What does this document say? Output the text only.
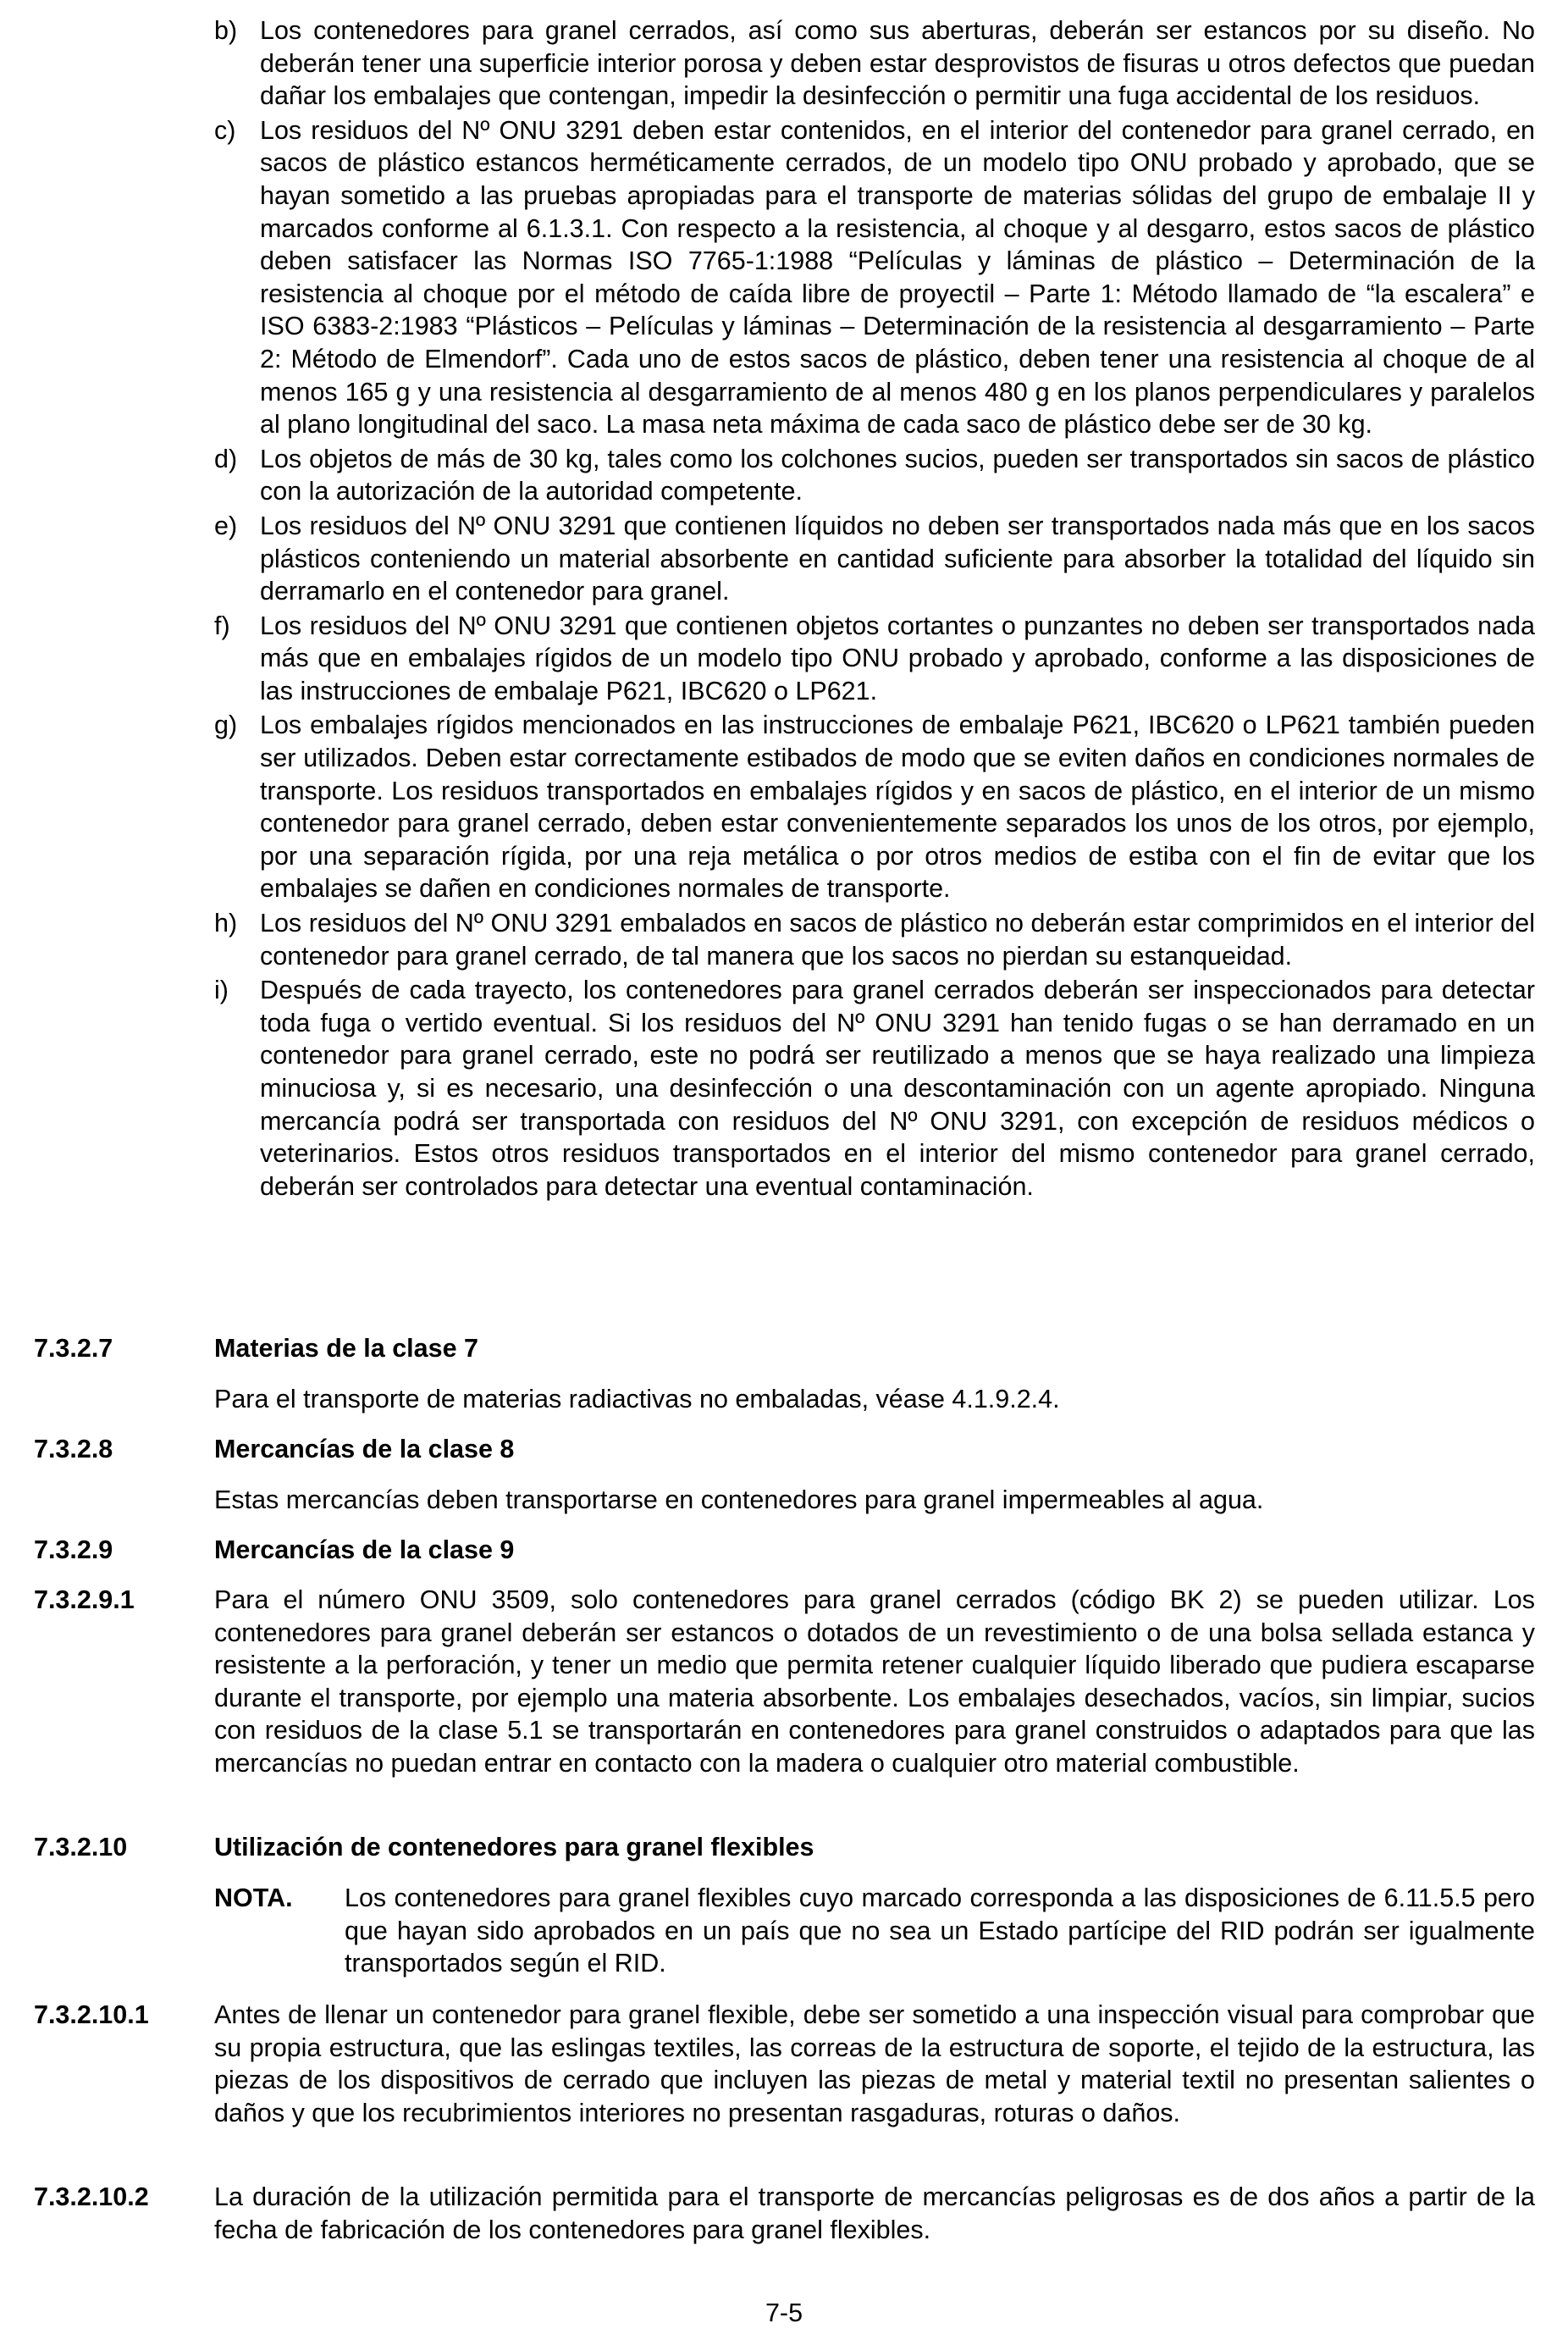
b) Los contenedores para granel cerrados, así como sus aberturas, deberán ser estancos por su diseño. No deberán tener una superficie interior porosa y deben estar desprovistos de fisuras u otros defectos que puedan dañar los embalajes que contengan, impedir la desinfección o permitir una fuga accidental de los residuos.
c) Los residuos del Nº ONU 3291 deben estar contenidos, en el interior del contenedor para granel cerrado, en sacos de plástico estancos herméticamente cerrados, de un modelo tipo ONU probado y aprobado, que se hayan sometido a las pruebas apropiadas para el transporte de materias sólidas del grupo de embalaje II y marcados conforme al 6.1.3.1. Con respecto a la resistencia, al choque y al desgarro, estos sacos de plástico deben satisfacer las Normas ISO 7765-1:1988 “Películas y láminas de plástico – Determinación de la resistencia al choque por el método de caída libre de proyectil – Parte 1: Método llamado de “la escalera” e ISO 6383-2:1983 “Plásticos – Películas y láminas – Determinación de la resistencia al desgarramiento – Parte 2: Método de Elmendorf”. Cada uno de estos sacos de plástico, deben tener una resistencia al choque de al menos 165 g y una resistencia al desgarramiento de al menos 480 g en los planos perpendiculares y paralelos al plano longitudinal del saco. La masa neta máxima de cada saco de plástico debe ser de 30 kg.
d) Los objetos de más de 30 kg, tales como los colchones sucios, pueden ser transportados sin sacos de plástico con la autorización de la autoridad competente.
e) Los residuos del Nº ONU 3291 que contienen líquidos no deben ser transportados nada más que en los sacos plásticos conteniendo un material absorbente en cantidad suficiente para absorber la totalidad del líquido sin derramarlo en el contenedor para granel.
f) Los residuos del Nº ONU 3291 que contienen objetos cortantes o punzantes no deben ser transportados nada más que en embalajes rígidos de un modelo tipo ONU probado y aprobado, conforme a las disposiciones de las instrucciones de embalaje P621, IBC620 o LP621.
g) Los embalajes rígidos mencionados en las instrucciones de embalaje P621, IBC620 o LP621 también pueden ser utilizados. Deben estar correctamente estibados de modo que se eviten daños en condiciones normales de transporte. Los residuos transportados en embalajes rígidos y en sacos de plástico, en el interior de un mismo contenedor para granel cerrado, deben estar convenientemente separados los unos de los otros, por ejemplo, por una separación rígida, por una reja metálica o por otros medios de estiba con el fin de evitar que los embalajes se dañen en condiciones normales de transporte.
h) Los residuos del Nº ONU 3291 embalados en sacos de plástico no deberán estar comprimidos en el interior del contenedor para granel cerrado, de tal manera que los sacos no pierdan su estanqueidad.
i) Después de cada trayecto, los contenedores para granel cerrados deberán ser inspeccionados para detectar toda fuga o vertido eventual. Si los residuos del Nº ONU 3291 han tenido fugas o se han derramado en un contenedor para granel cerrado, este no podrá ser reutilizado a menos que se haya realizado una limpieza minuciosa y, si es necesario, una desinfección o una descontaminación con un agente apropiado. Ninguna mercancía podrá ser transportada con residuos del Nº ONU 3291, con excepción de residuos médicos o veterinarios. Estos otros residuos transportados en el interior del mismo contenedor para granel cerrado, deberán ser controlados para detectar una eventual contaminación.
7.3.2.7	Materias de la clase 7
Para el transporte de materias radiactivas no embaladas, véase 4.1.9.2.4.
7.3.2.8	Mercancías de la clase 8
Estas mercancías deben transportarse en contenedores para granel impermeables al agua.
7.3.2.9	Mercancías de la clase 9
7.3.2.9.1	Para el número ONU 3509, solo contenedores para granel cerrados (código BK 2) se pueden utilizar. Los contenedores para granel deberán ser estancos o dotados de un revestimiento o de una bolsa sellada estanca y resistente a la perforación, y tener un medio que permita retener cualquier líquido liberado que pudiera escaparse durante el transporte, por ejemplo una materia absorbente. Los embalajes desechados, vacíos, sin limpiar, sucios con residuos de la clase 5.1 se transportarán en contenedores para granel construidos o adaptados para que las mercancías no puedan entrar en contacto con la madera o cualquier otro material combustible.
7.3.2.10	Utilización de contenedores para granel flexibles
NOTA. Los contenedores para granel flexibles cuyo marcado corresponda a las disposiciones de 6.11.5.5 pero que hayan sido aprobados en un país que no sea un Estado partícipe del RID podrán ser igualmente transportados según el RID.
7.3.2.10.1	Antes de llenar un contenedor para granel flexible, debe ser sometido a una inspección visual para comprobar que su propia estructura, que las eslingas textiles, las correas de la estructura de soporte, el tejido de la estructura, las piezas de los dispositivos de cerrado que incluyen las piezas de metal y material textil no presentan salientes o daños y que los recubrimientos interiores no presentan rasgaduras, roturas o daños.
7.3.2.10.2	La duración de la utilización permitida para el transporte de mercancías peligrosas es de dos años a partir de la fecha de fabricación de los contenedores para granel flexibles.
7-5
